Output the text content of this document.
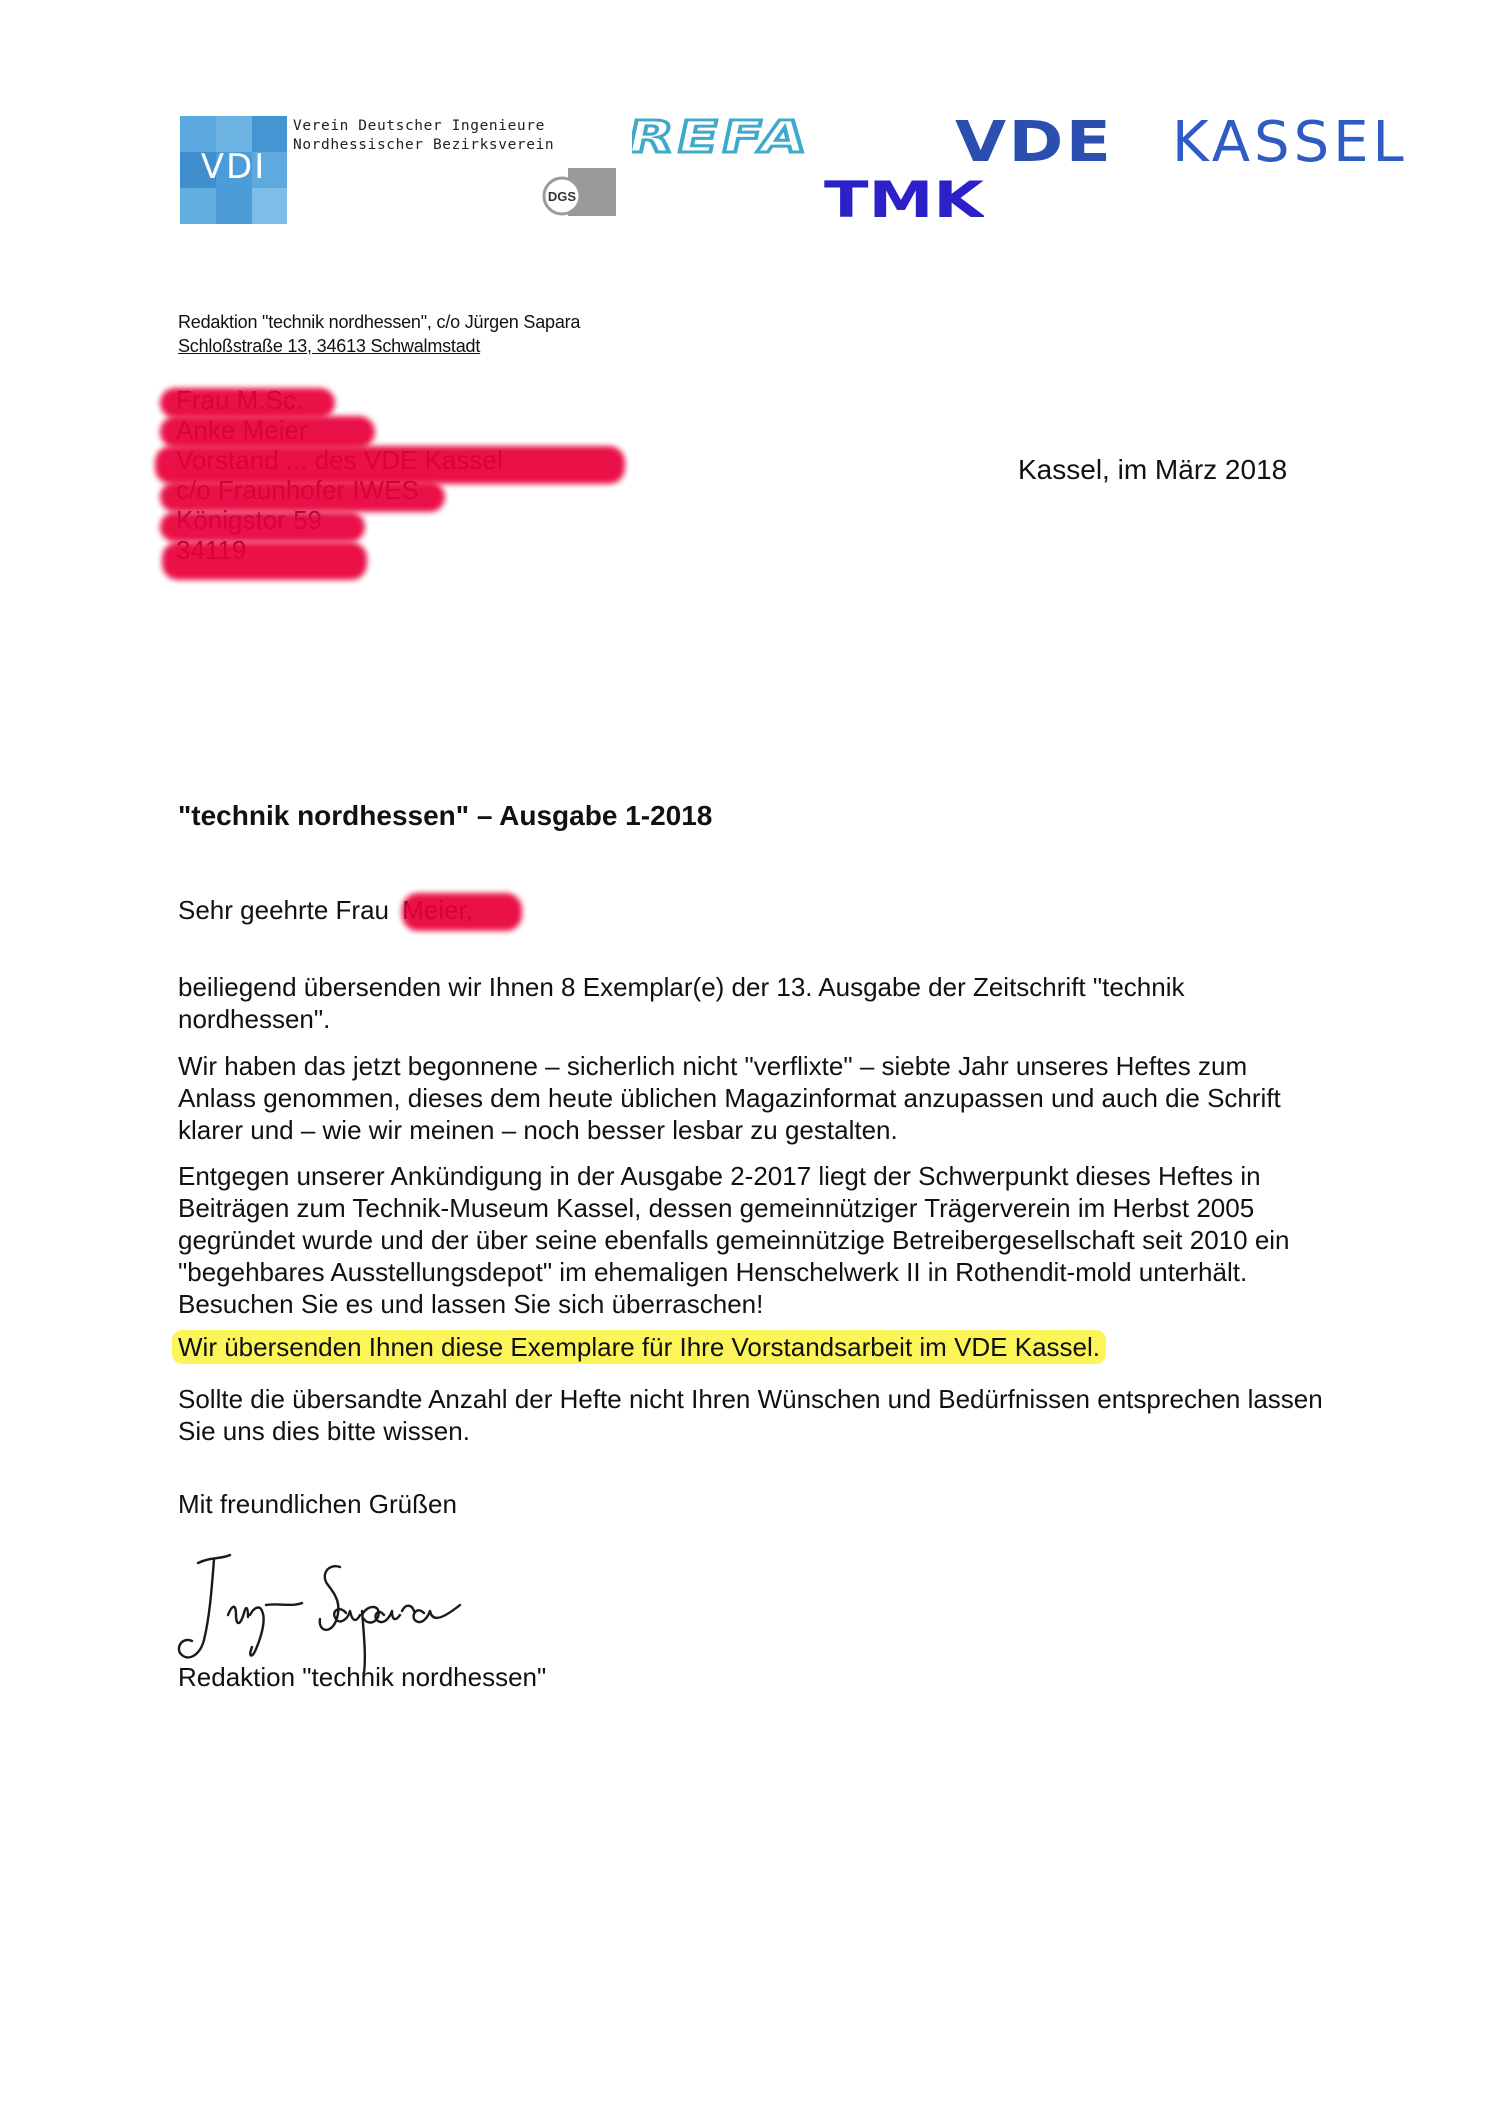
VDI
Verein Deutscher Ingenieure
Nordhessischer Bezirksverein REFA
DGS	TMK
VDE KASSEL
Redaktion "technik nordhessen", c/o Jürgen Sapara
Schloßstraße 13, 34613 Schwalmstadt
Kassel, im März 2018
"technik nordhessen" – Ausgabe 1-2018
Sehr geehrte Frau

beiliegend übersenden wir Ihnen 8 Exemplar(e) der 13. Ausgabe der Zeitschrift "technik nordhessen".

Wir haben das jetzt begonnene – sicherlich nicht "verflixte" – siebte Jahr unseres Heftes zum Anlass genommen, dieses dem heute üblichen Magazinformat anzupassen und auch die Schrift klarer und – wie wir meinen – noch besser lesbar zu gestalten.

Entgegen unserer Ankündigung in der Ausgabe 2-2017 liegt der Schwerpunkt dieses Heftes in Beiträgen zum Technik-Museum Kassel, dessen gemeinnütziger Trägerverein im Herbst 2005 gegründet wurde und der über seine ebenfalls gemeinnützige Betreibergesellschaft seit 2010 ein "begehbares Ausstellungsdepot" im ehemaligen Henschelwerk II in Rothendit-mold unterhält. Besuchen Sie es und lassen Sie sich überraschen!

Wir übersenden Ihnen diese Exemplare für Ihre Vorstandsarbeit im VDE Kassel.

Sollte die übersandte Anzahl der Hefte nicht Ihren Wünschen und Bedürfnissen entsprechen lassen Sie uns dies bitte wissen.

Mit freundlichen Grüßen
Redaktion "technik nordhessen"
